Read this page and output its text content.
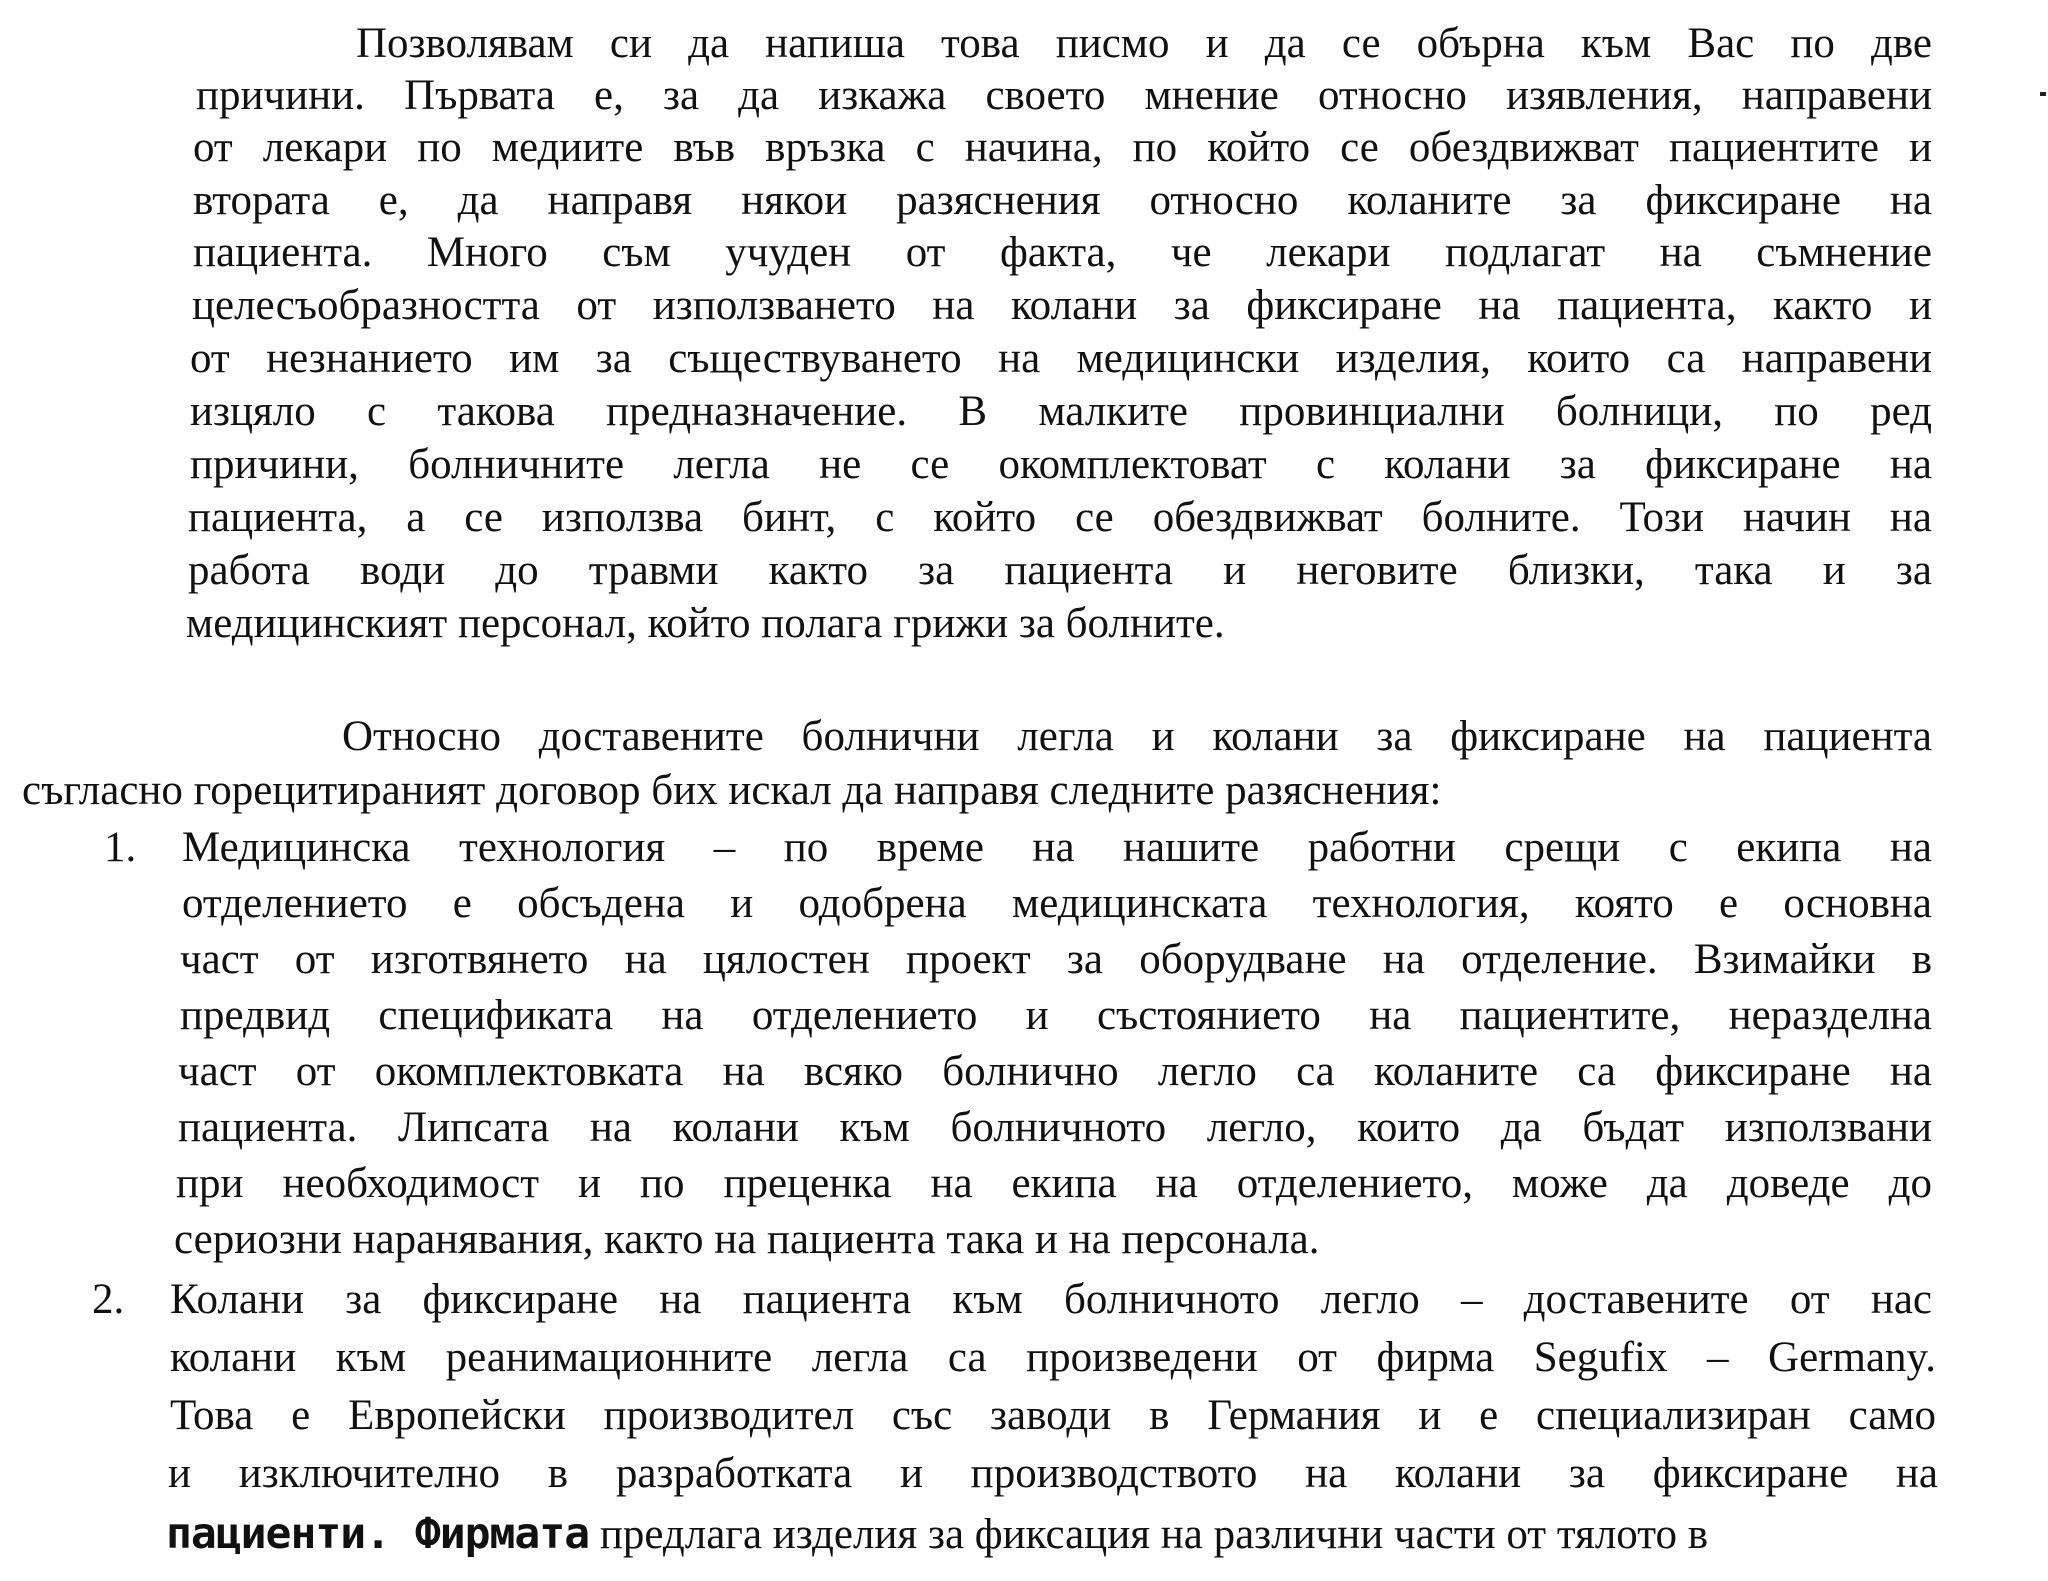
Позволявам си да напиша това писмо и да се обърна към Вас по две
причини. Първата е, за да изкажа своето мнение относно изявления, направени
от лекари по медиите във връзка с начина, по който се обездвижват пациентите и
втората е, да направя някои разяснения относно коланите за фиксиране на
пациента. Много съм учуден от факта, че лекари подлагат на съмнение
целесъобразността от използването на колани за фиксиране на пациента, както и
от незнанието им за съществуването на медицински изделия, които са направени
изцяло с такова предназначение. В малките провинциални болници, по ред
причини, болничните легла не се окомплектоват с колани за фиксиране на
пациента, а се използва бинт, с който се обездвижват болните. Този начин на
работа води до травми както за пациента и неговите близки, така и за
медицинският персонал, който полага грижи за болните.
Относно доставените болнични легла и колани за фиксиране на пациента
съгласно горецитираният договор бих искал да направя следните разяснения:
1. Медицинска технология – по време на нашите работни срещи с екипа на
отделението е обсъдена и одобрена медицинската технология, която е основна
част от изготвянето на цялостен проект за оборудване на отделение. Взимайки в
предвид спецификата на отделението и състоянието на пациентите, неразделна
част от окомплектовката на всяко болнично легло са коланите са фиксиране на
пациента. Липсата на колани към болничното легло, които да бъдат използвани
при необходимост и по преценка на екипа на отделението, може да доведе до
сериозни наранявания, както на пациента така и на персонала.
2. Колани за фиксиране на пациента към болничното легло – доставените от нас
колани към реанимационните легла са произведени от фирма Segufix – Germany.
Това е Европейски производител със заводи в Германия и е специализиран само
и изключително в разработката и производството на колани за фиксиране на
пациенти. Фирмата предлага изделия за фиксация на различни части от тялото в
